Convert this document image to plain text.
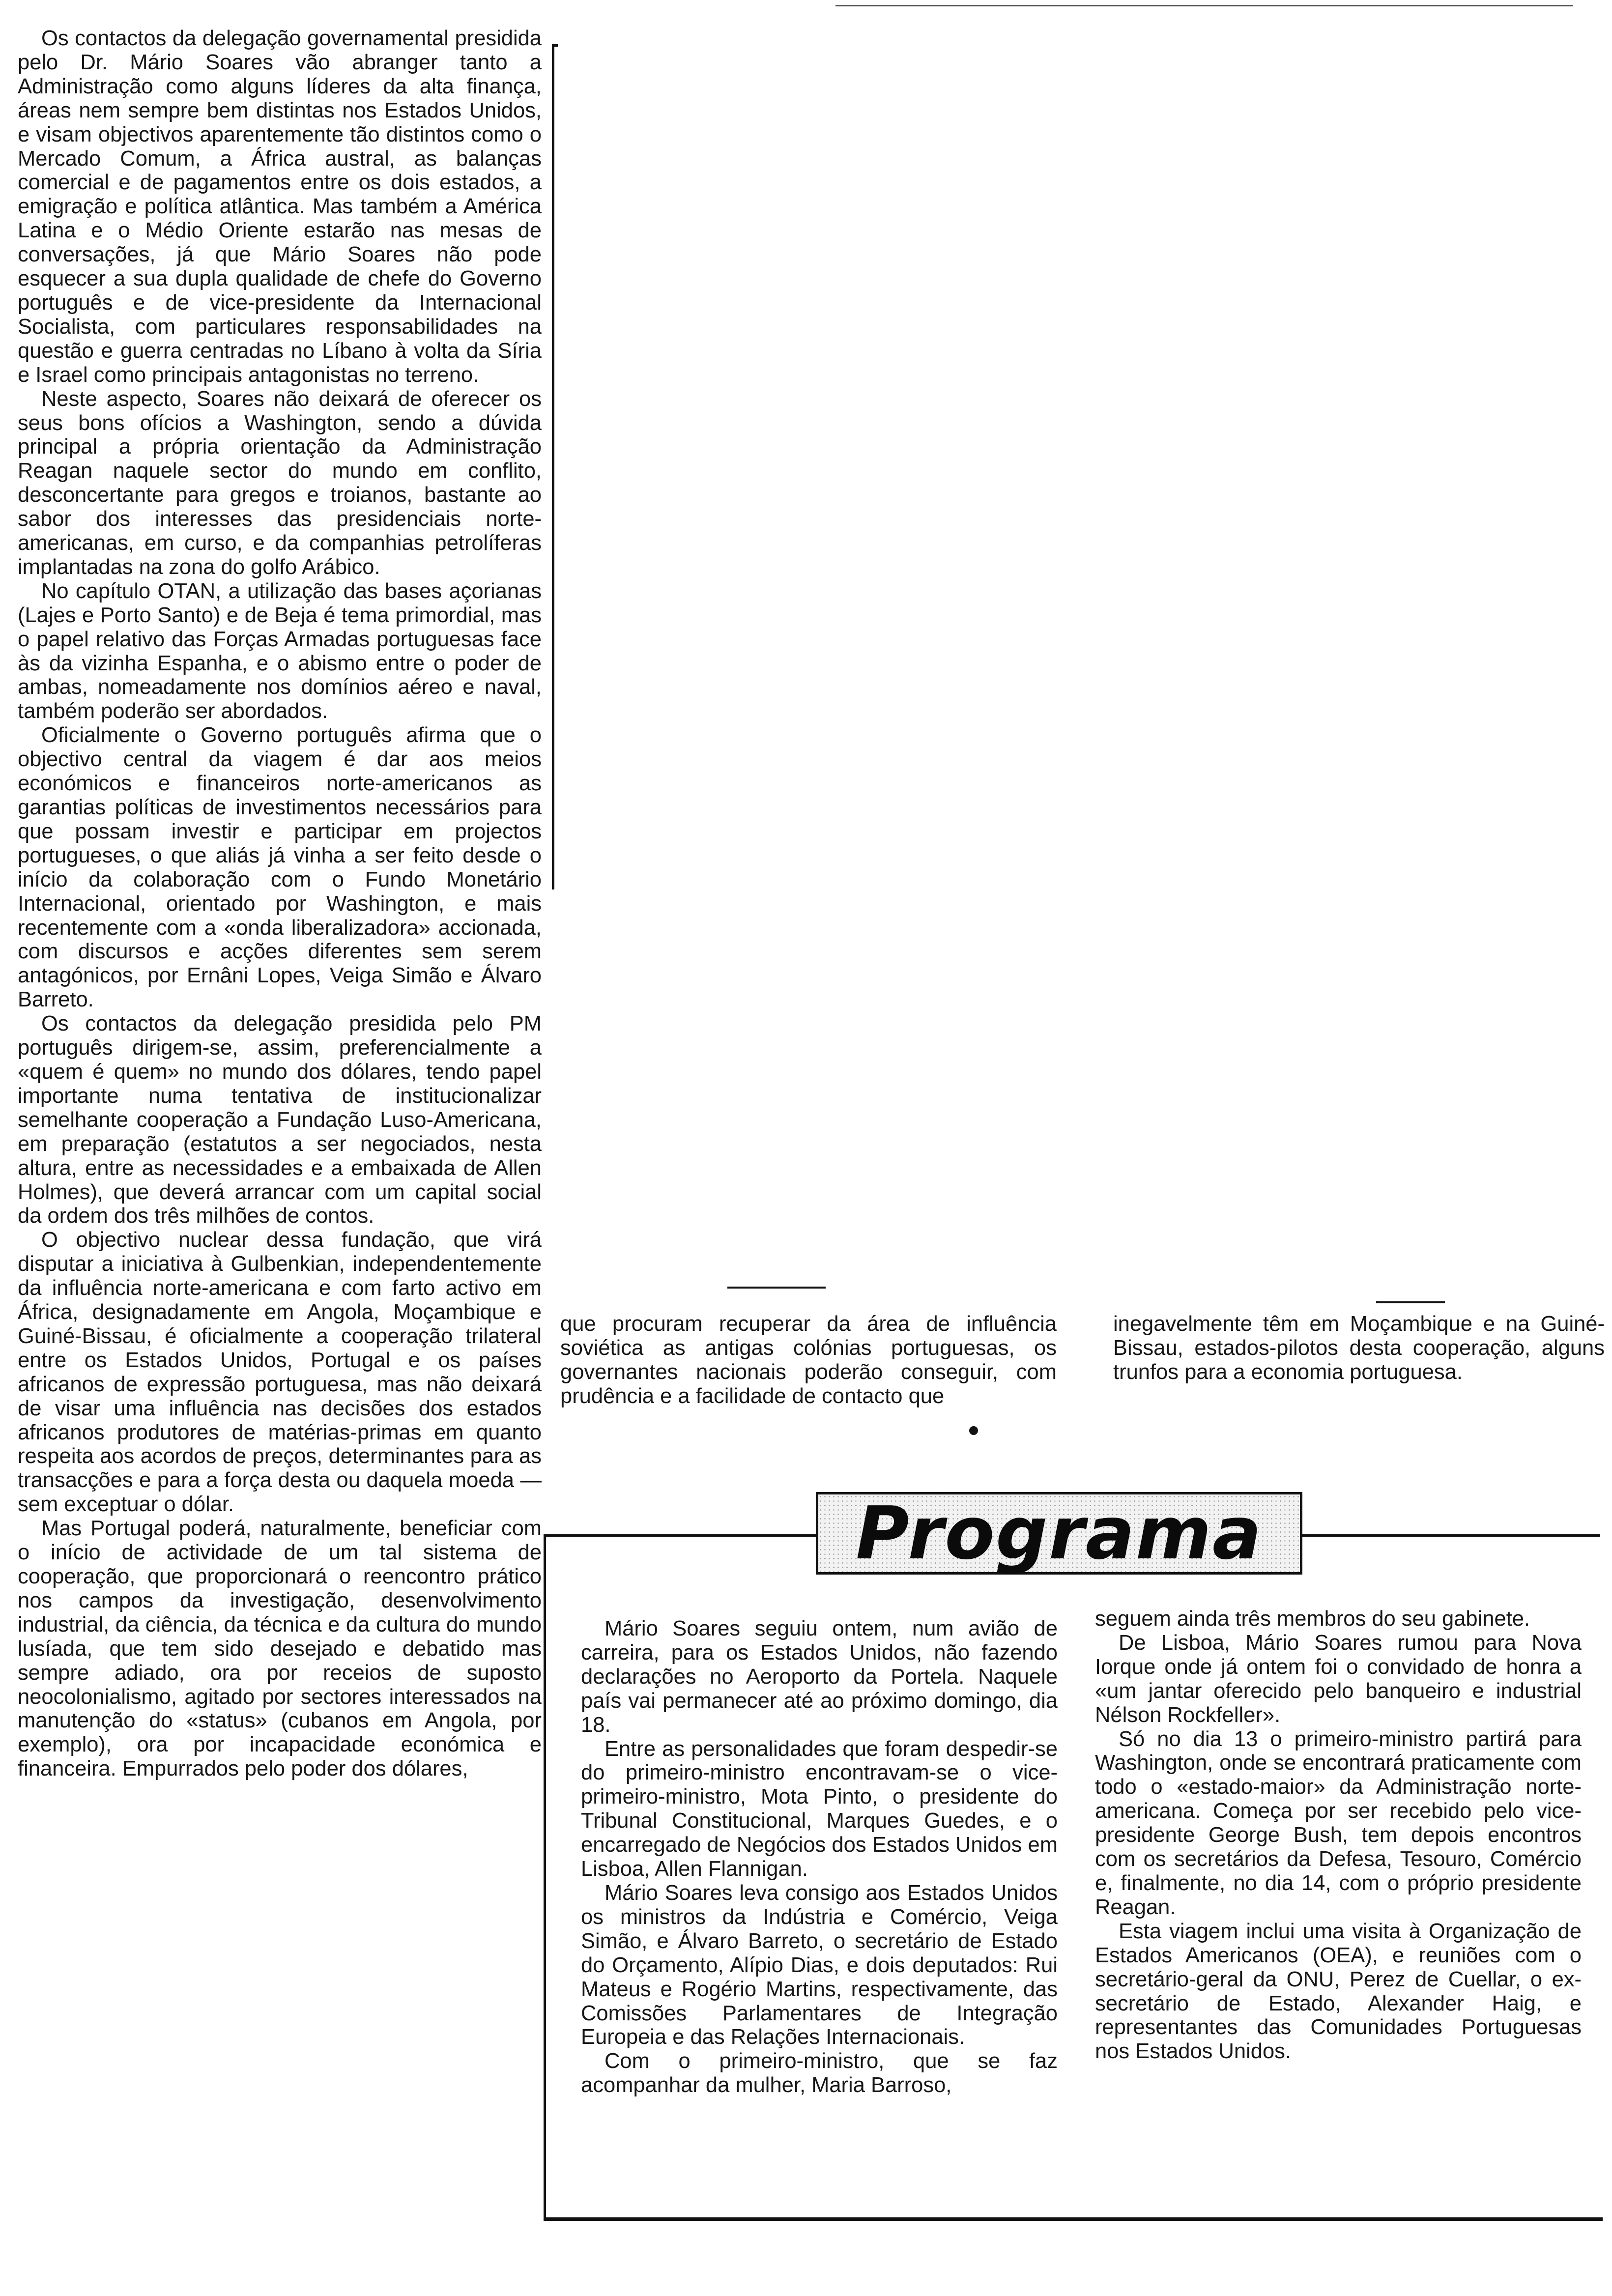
Os contactos da delegação governamental presidida pelo Dr. Mário Soares vão abranger tanto a Administração como alguns líderes da alta finança, áreas nem sempre bem distintas nos Estados Unidos, e visam objectivos aparentemente tão distintos como o Mercado Comum, a África austral, as balanças comercial e de pagamentos entre os dois estados, a emigração e política atlântica. Mas também a América Latina e o Médio Oriente estarão nas mesas de conversações, já que Mário Soares não pode esquecer a sua dupla qualidade de chefe do Governo português e de vice-presidente da Internacional Socialista, com particulares responsabilidades na questão e guerra centradas no Líbano à volta da Síria e Israel como principais antagonistas no terreno.

Neste aspecto, Soares não deixará de oferecer os seus bons ofícios a Washington, sendo a dúvida principal a própria orientação da Administração Reagan naquele sector do mundo em conflito, desconcertante para gregos e troianos, bastante ao sabor dos interesses das presidenciais norte-americanas, em curso, e da companhias petrolíferas implantadas na zona do golfo Arábico.

No capítulo OTAN, a utilização das bases açorianas (Lajes e Porto Santo) e de Beja é tema primordial, mas o papel relativo das Forças Armadas portuguesas face às da vizinha Espanha, e o abismo entre o poder de ambas, nomeadamente nos domínios aéreo e naval, também poderão ser abordados.

Oficialmente o Governo português afirma que o objectivo central da viagem é dar aos meios económicos e financeiros norte-americanos as garantias políticas de investimentos necessários para que possam investir e participar em projectos portugueses, o que aliás já vinha a ser feito desde o início da colaboração com o Fundo Monetário Internacional, orientado por Washington, e mais recentemente com a «onda liberalizadora» accionada, com discursos e acções diferentes sem serem antagónicos, por Ernâni Lopes, Veiga Simão e Álvaro Barreto.

Os contactos da delegação presidida pelo PM português dirigem-se, assim, preferencialmente a «quem é quem» no mundo dos dólares, tendo papel importante numa tentativa de institucionalizar semelhante cooperação a Fundação Luso-Americana, em preparação (estatutos a ser negociados, nesta altura, entre as necessidades e a embaixada de Allen Holmes), que deverá arrancar com um capital social da ordem dos três milhões de contos.

O objectivo nuclear dessa fundação, que virá disputar a iniciativa à Gulbenkian, independentemente da influência norte-americana e com farto activo em África, designadamente em Angola, Moçambique e Guiné-Bissau, é oficialmente a cooperação trilateral entre os Estados Unidos, Portugal e os países africanos de expressão portuguesa, mas não deixará de visar uma influência nas decisões dos estados africanos produtores de matérias-primas em quanto respeita aos acordos de preços, determinantes para as transacções e para a força desta ou daquela moeda — sem exceptuar o dólar.

Mas Portugal poderá, naturalmente, beneficiar com o início de actividade de um tal sistema de cooperação, que proporcionará o reencontro prático nos campos da investigação, desenvolvimento industrial, da ciência, da técnica e da cultura do mundo lusíada, que tem sido desejado e debatido mas sempre adiado, ora por receios de suposto neocolonialismo, agitado por sectores interessados na manutenção do «status» (cubanos em Angola, por exemplo), ora por incapacidade económica e financeira. Empurrados pelo poder dos dólares,

que procuram recuperar da área de influência soviética as antigas colónias portuguesas, os governantes nacionais poderão conseguir, com prudência e a facilidade de contacto que

inegavelmente têm em Moçambique e na Guiné-Bissau, estados-pilotos desta cooperação, alguns trunfos para a economia portuguesa.

Programa

Mário Soares seguiu ontem, num avião de carreira, para os Estados Unidos, não fazendo declarações no Aeroporto da Portela. Naquele país vai permanecer até ao próximo domingo, dia 18.

Entre as personalidades que foram despedir-se do primeiro-ministro encontravam-se o vice-primeiro-ministro, Mota Pinto, o presidente do Tribunal Constitucional, Marques Guedes, e o encarregado de Negócios dos Estados Unidos em Lisboa, Allen Flannigan.

Mário Soares leva consigo aos Estados Unidos os ministros da Indústria e Comércio, Veiga Simão, e Álvaro Barreto, o secretário de Estado do Orçamento, Alípio Dias, e dois deputados: Rui Mateus e Rogério Martins, respectivamente, das Comissões Parlamentares de Integração Europeia e das Relações Internacionais.

Com o primeiro-ministro, que se faz acompanhar da mulher, Maria Barroso,

seguem ainda três membros do seu gabinete.

De Lisboa, Mário Soares rumou para Nova Iorque onde já ontem foi o convidado de honra a «um jantar oferecido pelo banqueiro e industrial Nélson Rockfeller».

Só no dia 13 o primeiro-ministro partirá para Washington, onde se encontrará praticamente com todo o «estado-maior» da Administração norte-americana. Começa por ser recebido pelo vice-presidente George Bush, tem depois encontros com os secretários da Defesa, Tesouro, Comércio e, finalmente, no dia 14, com o próprio presidente Reagan.

Esta viagem inclui uma visita à Organização de Estados Americanos (OEA), e reuniões com o secretário-geral da ONU, Perez de Cuellar, o ex-secretário de Estado, Alexander Haig, e representantes das Comunidades Portuguesas nos Estados Unidos.
